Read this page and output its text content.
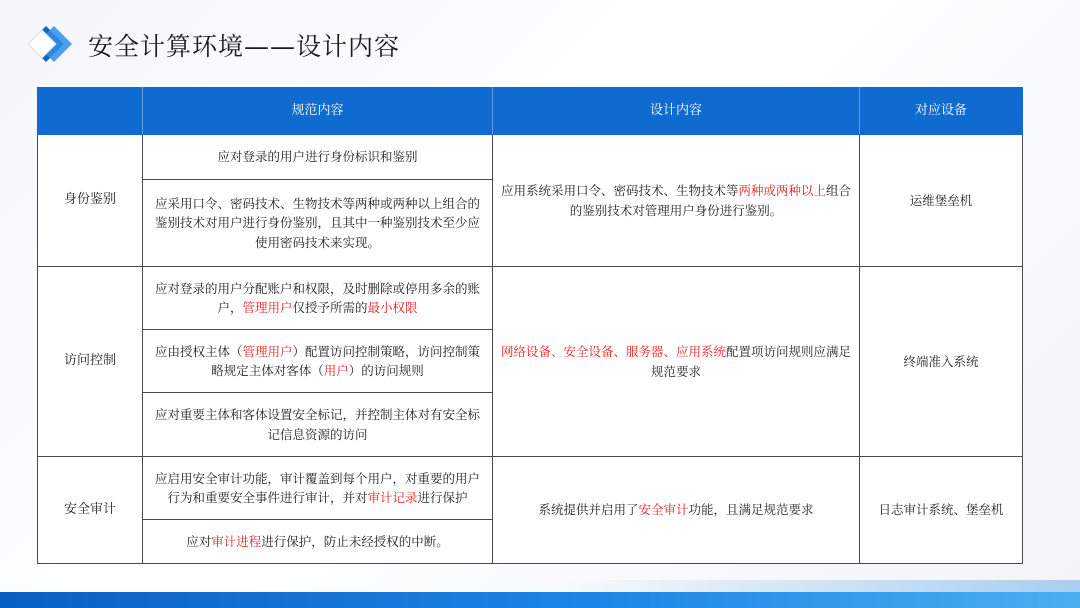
安全计算环境——设计内容
	规范内容	设计内容	对应设备
身份鉴别	应对登录的用户进行身份标识和鉴别	应用系统采用口令、密码技术、生物技术等两种或两种以上组合的鉴别技术对管理用户身份进行鉴别。	运维堡垒机
	应采用口令、密码技术、生物技术等两种或两种以上组合的鉴别技术对用户进行身份鉴别，且其中一种鉴别技术至少应使用密码技术来实现。		
访问控制	应对登录的用户分配账户和权限，及时删除或停用多余的账户，管理用户仅授予所需的最小权限	网络设备、安全设备、服务器、应用系统配置项访问规则应满足规范要求	终端准入系统
	应由授权主体（管理用户）配置访问控制策略，访问控制策略规定主体对客体（用户）的访问规则		
	应对重要主体和客体设置安全标记，并控制主体对有安全标记信息资源的访问		
安全审计	应启用安全审计功能，审计覆盖到每个用户，对重要的用户行为和重要安全事件进行审计，并对审计记录进行保护	系统提供并启用了安全审计功能，且满足规范要求	日志审计系统、堡垒机
	应对审计进程进行保护，防止未经授权的中断。		
